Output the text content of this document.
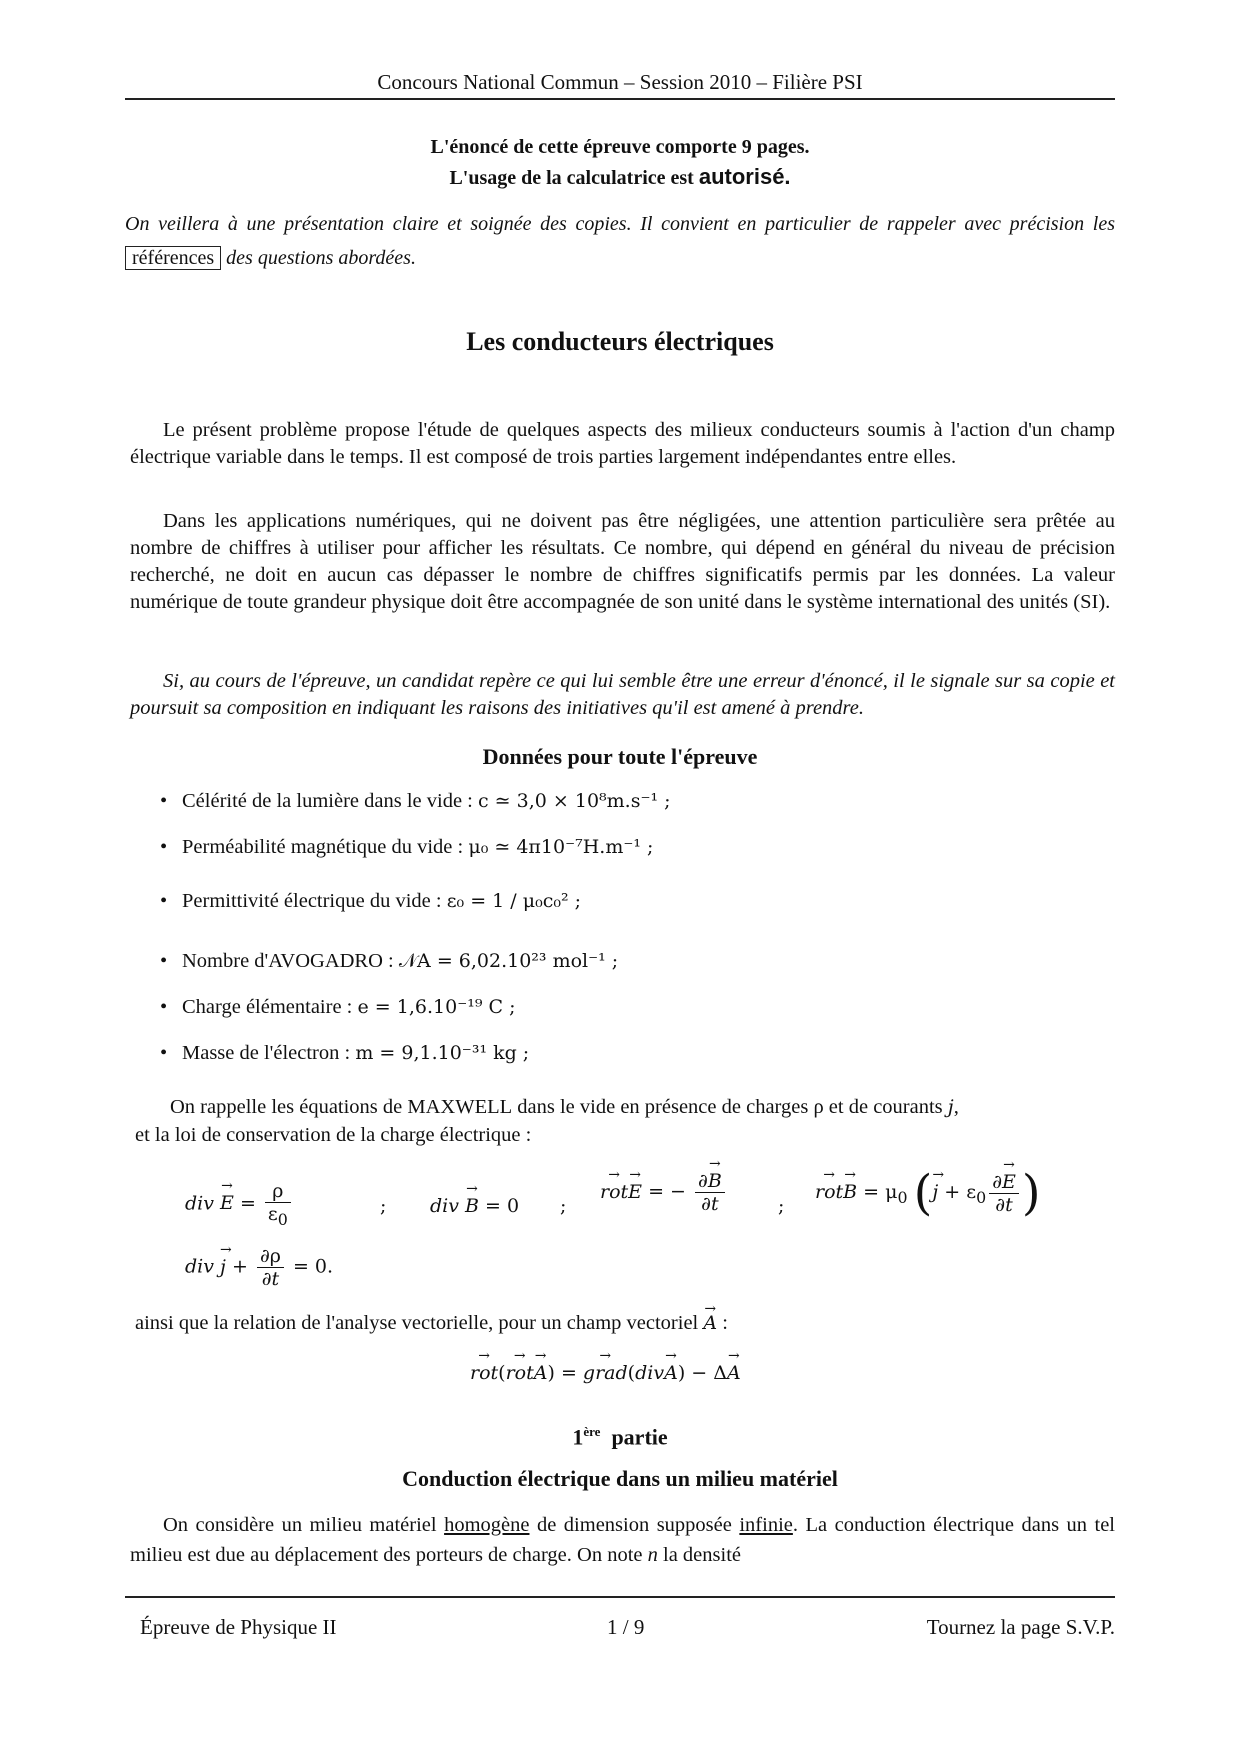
Concours National Commun – Session 2010 – Filière PSI
L'énoncé de cette épreuve comporte 9 pages.
L'usage de la calculatrice est autorisé.
On veillera à une présentation claire et soignée des copies. Il convient en particulier de rappeler avec précision les références des questions abordées.
Les conducteurs électriques
Le présent problème propose l'étude de quelques aspects des milieux conducteurs soumis à l'action d'un champ électrique variable dans le temps. Il est composé de trois parties largement indépendantes entre elles.
Dans les applications numériques, qui ne doivent pas être négligées, une attention particulière sera prêtée au nombre de chiffres à utiliser pour afficher les résultats. Ce nombre, qui dépend en général du niveau de précision recherché, ne doit en aucun cas dépasser le nombre de chiffres significatifs permis par les données. La valeur numérique de toute grandeur physique doit être accompagnée de son unité dans le système international des unités (SI).
Si, au cours de l'épreuve, un candidat repère ce qui lui semble être une erreur d'énoncé, il le signale sur sa copie et poursuit sa composition en indiquant les raisons des initiatives qu'il est amené à prendre.
Données pour toute l'épreuve
• Célérité de la lumière dans le vide : c ≃ 3,0 × 10⁸m.s⁻¹ ;
• Perméabilité magnétique du vide : μ₀ ≃ 4π10⁻⁷H.m⁻¹ ;
• Permittivité électrique du vide : ε₀ = 1 / μ₀c₀² ;
• Nombre d'AVOGADRO : 𝒩A = 6,02.10²³ mol⁻¹ ;
• Charge élémentaire : e = 1,6.10⁻¹⁹ C ;
• Masse de l'électron : m = 9,1.10⁻³¹ kg ;
On rappelle les équations de MAXWELL dans le vide en présence de charges ρ et de courants j,
et la loi de conservation de la charge électrique :
div → $E = \frac{\rho}{\varepsilon_0}$	; div → B = 0 ;
→ rot→ E = − $\frac{\partial\to B}{\partial t}$	;
→ $rot\to B = \mu_0$ (→ $j + \varepsilon_0 \frac{\partial\to E}{\partial t}$ )
div → $j + \frac{\partial\rho}{\partial t} = 0$.
ainsi que la relation de l'analyse vectorielle, pour un champ vectoriel → A :
→ rot(→ rot→ A) = → grad(div→ A) − Δ→ A
1ère partie
Conduction électrique dans un milieu matériel
On considère un milieu matériel homogène de dimension supposée infinie. La conduction électrique dans un tel milieu est due au déplacement des porteurs de charge. On note n la densité
Épreuve de Physique II	1 / 9	Tournez la page S.V.P.
